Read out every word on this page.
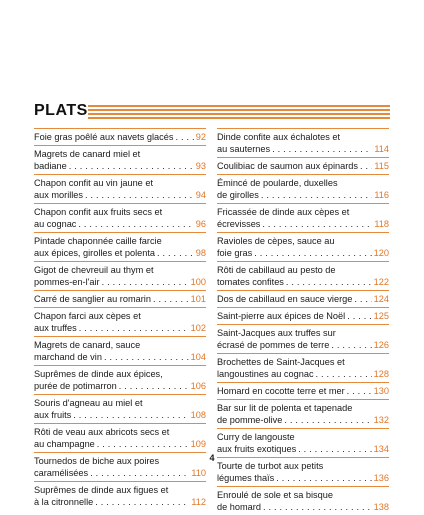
PLATS
Foie gras poêlé aux navets glacés . . . 92
Magrets de canard miel et
badiane . . .	93
Chapon confit au vin jaune et
aux morilles . . .	94
Chapon confit aux fruits secs et
au cognac . . .	96
Pintade chaponnée caille farcie
aux épices, girolles et polenta . . .	98
Gigot de chevreuil au thym et
pommes-en-l'air . . .	100
Carré de sanglier au romarin . . .	101
Chapon farci aux cèpes et
aux truffes . . .	102
Magrets de canard, sauce
marchand de vin . . .	104
Suprêmes de dinde aux épices,
purée de potimarron . . .	106
Souris d'agneau au miel et
aux fruits . . .	108
Rôti de veau aux abricots secs et
au champagne . . .	109
Tournedos de biche aux poires
caramélisées . . .	110
Suprêmes de dinde aux figues et
à la citronnelle . . .	112
Dinde confite aux échalotes et
au sauternes . . .	114
Coulibiac de saumon aux épinards . . . 115
Émincé de poularde, duxelles
de girolles . . .	116
Fricassée de dinde aux cèpes et
écrevisses . . .	118
Ravioles de cèpes, sauce au
foie gras . . .	120
Rôti de cabillaud au pesto de
tomates confites . . .	122
Dos de cabillaud en sauce vierge . . . 124
Saint-pierre aux épices de Noël . . .	125
Saint-Jacques aux truffes sur
écrasé de pommes de terre . . .	126
Brochettes de Saint-Jacques et
langoustines au cognac . . .	128
Homard en cocotte terre et mer . . .	130
Bar sur lit de polenta et tapenade
de pomme-olive . . .	132
Curry de langouste
aux fruits exotiques . . .	134
Tourte de turbot aux petits
légumes thaïs . . .	136
Enroulé de sole et sa bisque
de homard . . .	138
4
